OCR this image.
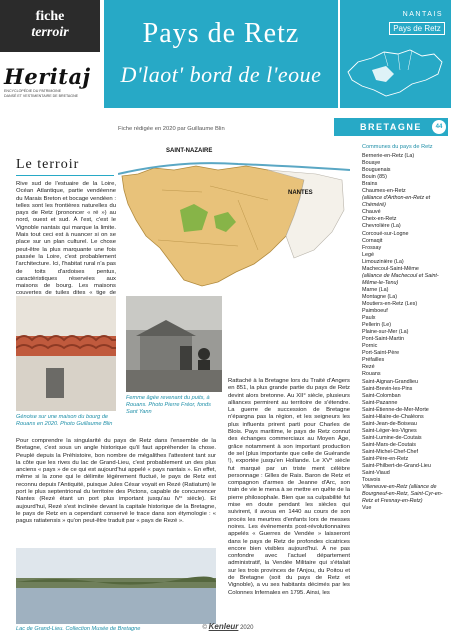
fiche
terroir
Heritaj
ENCYCLOPÉDIE DU PATRIMOINE
DANSÉ ET VESTIMENTAIRE DE BRETAGNE
Pays de Retz
D'laot' bord de l'eoue
NANTAIS
Pays de Retz
Fiche rédigée en 2020 par Guillaume Blin	BRETAGNE	44
Le terroir
Rive sud de l'estuaire de la Loire, Océan Atlantique, partie vendéenne du Marais Breton et bocage vendéen : telles sont les frontières naturelles du pays de Retz (prononcer « ré ») au nord, ouest et sud. À l'est, c'est le Vignoble nantais qui marque la limite. Mais tout ceci est à nuancer si on se place sur un plan culturel. Le chose peut-être la plus marquante une fois passée la Loire, c'est probablement l'architecture. Ici, l'habitat rural n'a pas de toits d'ardoises pentus, caractéristiques réservées aux maisons de bourg. Les maisons couvertes de tuiles dites « tige de
Génoise sur une maison du bourg de Rouans en 2020. Photo Guillaume Blin
SAINT-NAZAIRE
NANTES
Femme âgée revenant du puits, à Rouans. Photo Pierre Fréor, fonds Sant Yann
Pour comprendre la singularité du pays de Retz dans l'ensemble de la Bretagne, c'est sous un angle historique qu'il faut appréhender la chose. Peuplé depuis la Préhistoire, bon nombre de mégalithes l'attestent tant sur la côte que les rives du lac de Grand-Lieu, c'est probablement un des plus anciens « pays » de ce qui est aujourd'hui appelé « pays nantais ». En effet, même si la zone qui le délimite légèrement fluctué, le pays de Retz est reconnu depuis l'Antiquité, puisque Jules César voyait en Rezé (Ratiatum) le port le plus septentrional du territoire des Pictons, capable de concurrencer Nantes (Rezé étant un port plus important jusqu'au IV° siècle). Et aujourd'hui, Rezé s'est inclinée devant la capitale historique de la Bretagne, le pays de Retz en a cependant conservé le trace dans son étymologie : « pagus ratiatensis » qu'on peut-être traduit par « pays de Rezé ».
Rattaché à la Bretagne lors du Traité d'Angers en 851, la plus grande partie du pays de Retz devint alors bretonne. Au XII° siècle, plusieurs alliances permirent au territoire de s'étendre. La guerre de succession de Bretagne n'épargna pas la région, et les seigneurs les plus influents prirent parti pour Charles de Blois. Pays maritime, le pays de Retz connut des échanges commerciaux au Moyen Âge, grâce notamment à son important production de sel (plus importante que celle de Guérande !), exportée jusqu'en Hollande. Le XV° siècle fut marqué par un triste ment célèbre personnage : Gilles de Rais. Baron de Retz et compagnon d'armes de Jeanne d'Arc, son train de vie le mena à se mettre en quête de la pierre philosophale. Bien que sa culpabilité fut mise en doute pendant les siècles qui suivirent, il avoua en 1440 au cours de son procès les meurtres d'enfants lors de messes noires. Les événements post-révolutionnaires appelés « Guerres de Vendée » laisseront dans le pays de Retz de profondes cicatrices encore bien visibles aujourd'hui. À ne pas confondre avec l'actuel département administratif, la Vendée Militaire qui s'étalait sur les trois provinces de l'Anjou, du Poitou et de Bretagne (soit du pays de Retz et Vignoble), a vu ses habitants décimés par les Colonnes Infernales en 1795. Ainsi, les
Lac de Grand-Lieu. Collection Musée de Bretagne
Communes du pays de Retz
Bernerie-en-Retz (La)
Bouaye
Bouguenais
Bouin (85)
Brains
Chaumes-en-Retz
(alliance d'Arthon-en-Retz et Chéméré)
Chauvé
Cheix-en-Retz
Chevrolière (La)
Corcoué-sur-Logne
Cornaqit
Frossay
Legé
Limouzinière (La)
Machecoul-Saint-Même
(alliance de Machecoul et Saint-Même-le-Tenu)
Marne (La)
Montagne (La)
Moutiers-en-Retz (Les)
Paimboeuf
Paulx
Pellerin (Le)
Plaine-sur-Mer (La)
Pont-Saint-Martin
Pornic
Port-Saint-Père
Préfailles
Rezé
Rouans
Saint-Aignan-Grandlieu
Saint-Brevin-les-Pins
Saint-Colomban
Saint-Pazanne
Saint-Étienne-de-Mer-Morte
Saint-Hilaire-de-Chaléons
Saint-Jean-de-Boiseau
Saint-Léger-les-Vignes
Saint-Lumine-de-Coutais
Saint-Mars-de-Coutais
Saint-Michel-Chef-Chef
Saint-Père-en-Retz
Saint-Philbert-de-Grand-Lieu
Saint-Viaud
Touvois
Villeneuve-en-Retz (alliance de Bourgneuf-en-Retz, Saint-Cyr-en-Retz et Fresnay-en-Retz)
Vue
© Kenleur 2020
